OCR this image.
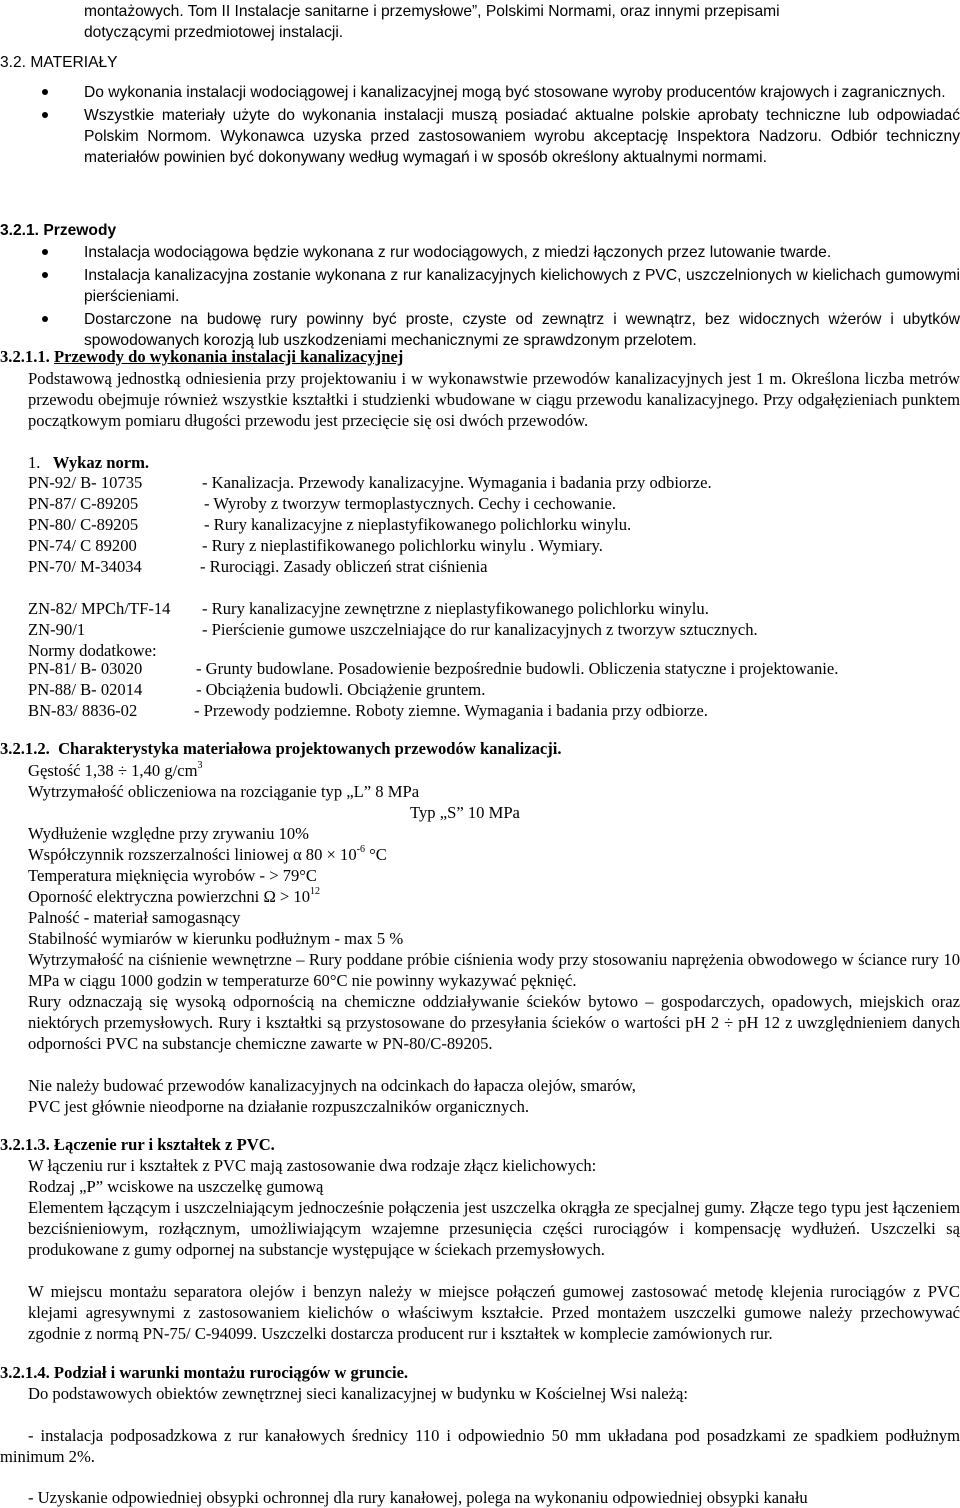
montażowych. Tom II Instalacje sanitarne i przemysłowe”, Polskimi Normami, oraz innymi przepisami

dotyczącymi przedmiotowej instalacji.

3.2. MATERIAŁY

Do wykonania instalacji wodociągowej i kanalizacyjnej mogą być stosowane wyroby producentów krajowych i zagranicznych.
Wszystkie materiały użyte do wykonania instalacji muszą posiadać aktualne polskie aprobaty techniczne lub odpowiadać Polskim Normom. Wykonawca uzyska przed zastosowaniem wyrobu akceptację Inspektora Nadzoru. Odbiór techniczny materiałów powinien być dokonywany według wymagań i w sposób określony aktualnymi normami.

3.2.1. Przewody

Instalacja wodociągowa będzie wykonana z rur wodociągowych, z miedzi łączonych przez lutowanie twarde.
Instalacja kanalizacyjna zostanie wykonana z rur kanalizacyjnych kielichowych z PVC, uszczelnionych w kielichach gumowymi pierścieniami.
Dostarczone na budowę rury powinny być proste, czyste od zewnątrz i wewnątrz, bez widocznych wżerów i ubytków spowodowanych korozją lub uszkodzeniami mechanicznymi ze sprawdzonym przelotem.

3.2.1.1. Przewody do wykonania instalacji kanalizacyjnej

Podstawową jednostką odniesienia przy projektowaniu i w wykonawstwie przewodów kanalizacyjnych jest 1 m. Określona liczba metrów przewodu obejmuje również wszystkie kształtki i studzienki wbudowane w ciągu przewodu kanalizacyjnego. Przy odgałęzieniach punktem początkowym pomiaru długości przewodu jest przecięcie się osi dwóch przewodów.

1. Wykaz norm.

PN-92/ B- 10735	- Kanalizacja. Przewody kanalizacyjne. Wymagania i badania przy odbiorze.
PN-87/ C-89205	- Wyroby z tworzyw termoplastycznych. Cechy i cechowanie.
PN-80/ C-89205	- Rury kanalizacyjne z nieplastyfikowanego polichlorku winylu.
PN-74/ C 89200	- Rury z nieplastifikowanego polichlorku winylu . Wymiary.
PN-70/ M-34034	- Rurociągi. Zasady obliczeń strat ciśnienia
ZN-82/ MPCh/TF-14 - Rury kanalizacyjne zewnętrzne z nieplastyfikowanego polichlorku winylu.
ZN-90/1	- Pierścienie gumowe uszczelniające do rur kanalizacyjnych z tworzyw sztucznych.

Normy dodatkowe:

PN-81/ B- 03020	- Grunty budowlane. Posadowienie bezpośrednie budowli. Obliczenia statyczne i projektowanie.
PN-88/ B- 02014	- Obciążenia budowli. Obciążenie gruntem.
BN-83/ 8836-02	- Przewody podziemne. Roboty ziemne. Wymagania i badania przy odbiorze.

3.2.1.2. Charakterystyka materiałowa projektowanych przewodów kanalizacji.

Gęstość 1,38 ÷ 1,40 $g/cm^3$

Wytrzymałość obliczeniowa na rozciąganie typ „L” 8 MPa

Typ „S” 10 MPa

Wydłużenie względne przy zrywaniu 10%

Współczynnik rozszerzalności liniowej α $80 \times 10^{-6}$ °C

Temperatura mięknięcia wyrobów - > 79°C

Oporność elektryczna powierzchni $\Omega > 10^{12}$

Palność - materiał samogasnący

Stabilność wymiarów w kierunku podłużnym - max 5 %

Wytrzymałość na ciśnienie wewnętrzne – Rury poddane próbie ciśnienia wody przy stosowaniu naprężenia obwodowego w ściance rury 10 MPa w ciągu 1000 godzin w temperaturze 60°C nie powinny wykazywać pęknięć.

Rury odznaczają się wysoką odpornością na chemiczne oddziaływanie ścieków bytowo – gospodarczych, opadowych, miejskich oraz niektórych przemysłowych. Rury i kształtki są przystosowane do przesyłania ścieków o wartości pH 2 ÷ pH 12 z uwzględnieniem danych odporności PVC na substancje chemiczne zawarte w PN-80/C-89205.

Nie należy budować przewodów kanalizacyjnych na odcinkach do łapacza olejów, smarów,

PVC jest głównie nieodporne na działanie rozpuszczalników organicznych.

3.2.1.3. Łączenie rur i kształtek z PVC.

W łączeniu rur i kształtek z PVC mają zastosowanie dwa rodzaje złącz kielichowych:

Rodzaj „P” wciskowe na uszczelkę gumową

Elementem łączącym i uszczelniającym jednocześnie połączenia jest uszczelka okrągła ze specjalnej gumy. Złącze tego typu jest łączeniem bezciśnieniowym, rozłącznym, umożliwiającym wzajemne przesunięcia części rurociągów i kompensację wydłużeń. Uszczelki są produkowane z gumy odpornej na substancje występujące w ściekach przemysłowych.

W miejscu montażu separatora olejów i benzyn należy w miejsce połączeń gumowej zastosować metodę klejenia rurociągów z PVC klejami agresywnymi z zastosowaniem kielichów o właściwym kształcie. Przed montażem uszczelki gumowe należy przechowywać zgodnie z normą PN-75/ C-94099. Uszczelki dostarcza producent rur i kształtek w komplecie zamówionych rur.

3.2.1.4. Podział i warunki montażu rurociągów w gruncie.

Do podstawowych obiektów zewnętrznej sieci kanalizacyjnej w budynku w Kościelnej Wsi należą:

- instalacja podposadzkowa z rur kanałowych średnicy 110 i odpowiednio 50 mm układana pod posadzkami ze spadkiem podłużnym minimum 2%.

- Uzyskanie odpowiedniej obsypki ochronnej dla rury kanałowej, polega na wykonaniu odpowiedniej obsypki kanału
